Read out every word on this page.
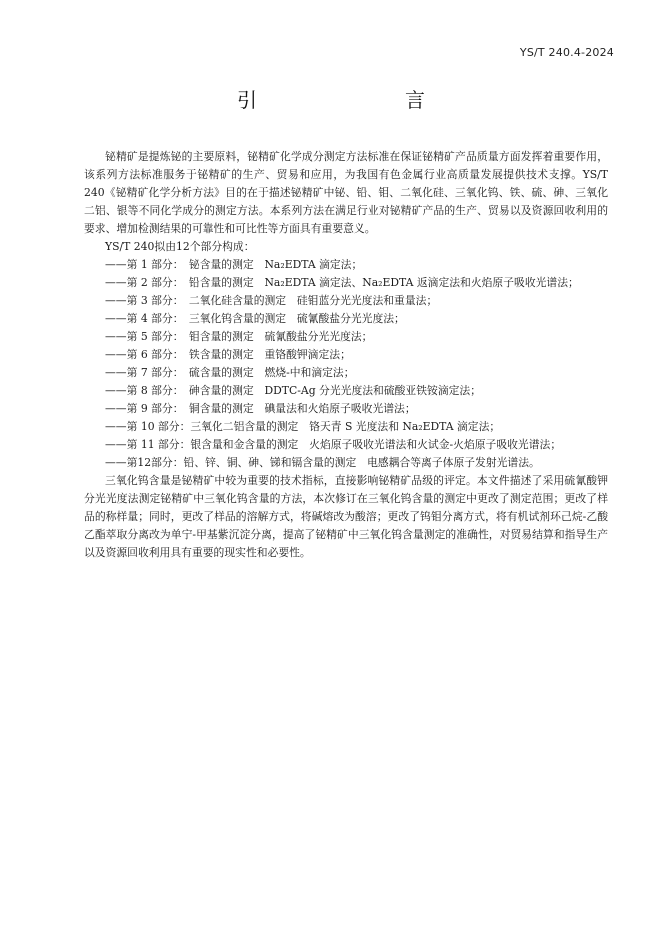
YS/T 240.4-2024
引　　言

铋精矿是提炼铋的主要原料，铋精矿化学成分测定方法标准在保证铋精矿产品质量方面发挥着重要作用，该系列方法标准服务于铋精矿的生产、贸易和应用，为我国有色金属行业高质量发展提供技术支撑。YS/T 240《铋精矿化学分析方法》目的在于描述铋精矿中铋、铅、钼、二氧化硅、三氧化钨、铁、硫、砷、三氧化二铝、银等不同化学成分的测定方法。本系列方法在满足行业对铋精矿产品的生产、贸易以及资源回收利用的要求、增加检测结果的可靠性和可比性等方面具有重要意义。

YS/T 240拟由12个部分构成：

——第 1 部分：　铋含量的测定　Na₂EDTA 滴定法；
——第 2 部分：　铅含量的测定　Na₂EDTA 滴定法、Na₂EDTA 返滴定法和火焰原子吸收光谱法；
——第 3 部分：　二氧化硅含量的测定　硅钼蓝分光光度法和重量法；
——第 4 部分：　三氧化钨含量的测定　硫氰酸盐分光光度法；
——第 5 部分：　钼含量的测定　硫氰酸盐分光光度法；
——第 6 部分：　铁含量的测定　重铬酸钾滴定法；
——第 7 部分：　硫含量的测定　燃烧-中和滴定法；
——第 8 部分：　砷含量的测定　DDTC-Ag 分光光度法和硫酸亚铁铵滴定法；
——第 9 部分：　铜含量的测定　碘量法和火焰原子吸收光谱法；
——第 10 部分：三氧化二铝含量的测定　铬天青 S 光度法和 Na₂EDTA 滴定法；
——第 11 部分：银含量和金含量的测定　火焰原子吸收光谱法和火试金-火焰原子吸收光谱法；
——第12部分：铅、锌、铜、砷、锑和镉含量的测定　电感耦合等离子体原子发射光谱法。

三氧化钨含量是铋精矿中较为重要的技术指标，直接影响铋精矿品级的评定。本文件描述了采用硫氰酸钾分光光度法测定铋精矿中三氧化钨含量的方法，本次修订在三氧化钨含量的测定中更改了测定范围；更改了样品的称样量；同时，更改了样品的溶解方式，将碱熔改为酸溶；更改了钨钼分离方式，将有机试剂环己烷-乙酸乙酯萃取分离改为单宁-甲基紫沉淀分离，提高了铋精矿中三氧化钨含量测定的准确性，对贸易结算和指导生产以及资源回收利用具有重要的现实性和必要性。
